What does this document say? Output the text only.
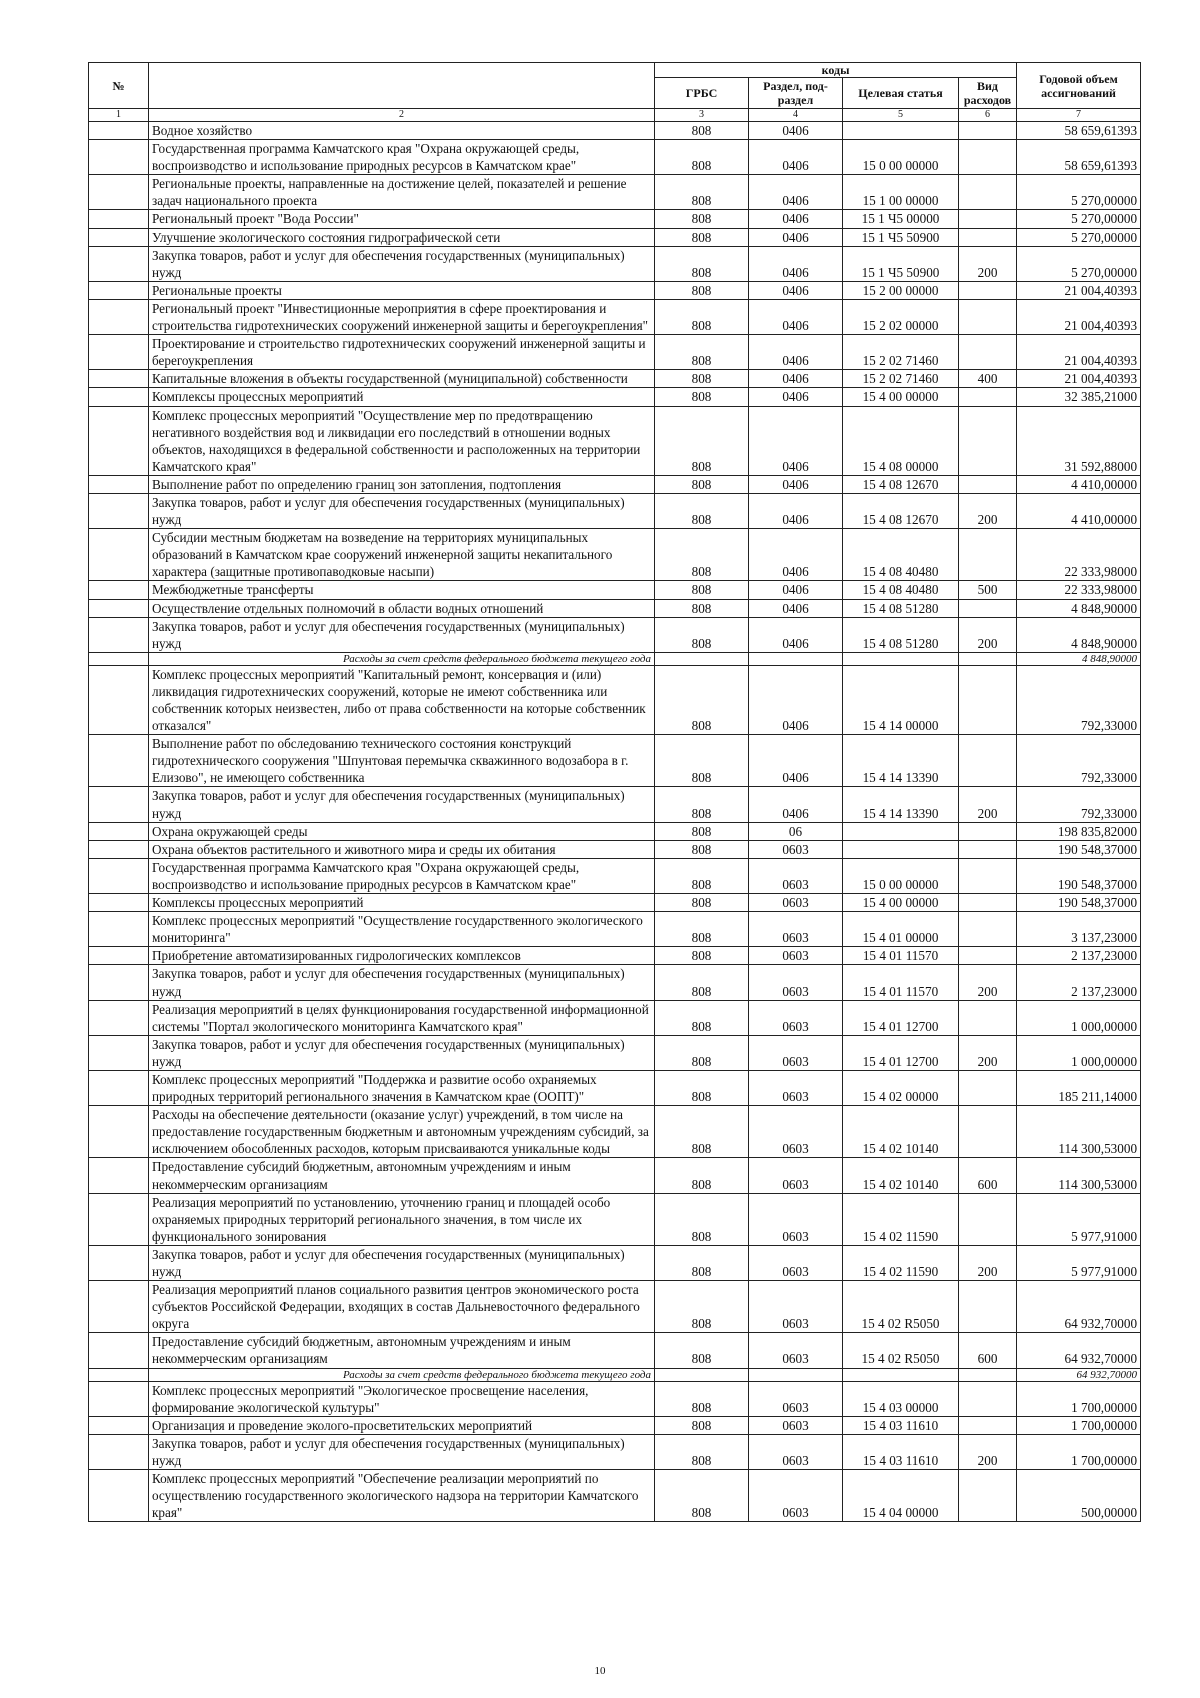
№		коды				Годовой объем ассигнований
		ГРБС	Раздел, под-раздел	Целевая статья	Вид расходов	
1	2	3	4	5	6	7
	Водное хозяйство	808	0406			58 659,61393
	Государственная программа Камчатского края "Охрана окружающей среды, воспроизводство и использование природных ресурсов в Камчатском крае"	808	0406	15 0 00 00000		58 659,61393
	Региональные проекты, направленные на достижение целей, показателей и решение задач национального проекта	808	0406	15 1 00 00000		5 270,00000
	Региональный проект "Вода России"	808	0406	15 1 Ч5 00000		5 270,00000
	Улучшение экологического состояния гидрографической сети	808	0406	15 1 Ч5 50900		5 270,00000
	Закупка товаров, работ и услуг для обеспечения государственных (муниципальных) нужд	808	0406	15 1 Ч5 50900	200	5 270,00000
	Региональные проекты	808	0406	15 2 00 00000		21 004,40393
	Региональный проект "Инвестиционные мероприятия в сфере проектирования и строительства гидротехнических сооружений инженерной защиты и берегоукрепления"	808	0406	15 2 02 00000		21 004,40393
	Проектирование и строительство гидротехнических сооружений инженерной защиты и берегоукрепления	808	0406	15 2 02 71460		21 004,40393
	Капитальные вложения в объекты государственной (муниципальной) собственности	808	0406	15 2 02 71460	400	21 004,40393
	Комплексы процессных мероприятий	808	0406	15 4 00 00000		32 385,21000
	Комплекс процессных мероприятий "Осуществление мер по предотвращению негативного воздействия вод и ликвидации его последствий в отношении водных объектов, находящихся в федеральной собственности и расположенных на территории Камчатского края"	808	0406	15 4 08 00000		31 592,88000
	Выполнение работ по определению границ зон затопления, подтопления	808	0406	15 4 08 12670		4 410,00000
	Закупка товаров, работ и услуг для обеспечения государственных (муниципальных) нужд	808	0406	15 4 08 12670	200	4 410,00000
	Субсидии местным бюджетам на возведение на территориях муниципальных образований в Камчатском крае сооружений инженерной защиты некапитального характера (защитные противопаводковые насыпи)	808	0406	15 4 08 40480		22 333,98000
	Межбюджетные трансферты	808	0406	15 4 08 40480	500	22 333,98000
	Осуществление отдельных полномочий в области водных отношений	808	0406	15 4 08 51280		4 848,90000
	Закупка товаров, работ и услуг для обеспечения государственных (муниципальных) нужд	808	0406	15 4 08 51280	200	4 848,90000
	Расходы за счет средств федерального бюджета текущего года					4 848,90000
	Комплекс процессных мероприятий "Капитальный ремонт, консервация и (или) ликвидация гидротехнических сооружений, которые не имеют собственника или собственник которых неизвестен, либо от права собственности на которые собственник отказался"	808	0406	15 4 14 00000		792,33000
	Выполнение работ по обследованию технического состояния конструкций гидротехнического сооружения "Шпунтовая перемычка скважинного водозабора в г. Елизово", не имеющего собственника	808	0406	15 4 14 13390		792,33000
	Закупка товаров, работ и услуг для обеспечения государственных (муниципальных) нужд	808	0406	15 4 14 13390	200	792,33000
	Охрана окружающей среды	808	06			198 835,82000
	Охрана объектов растительного и животного мира и среды их обитания	808	0603			190 548,37000
	Государственная программа Камчатского края "Охрана окружающей среды, воспроизводство и использование природных ресурсов в Камчатском крае"	808	0603	15 0 00 00000		190 548,37000
	Комплексы процессных мероприятий	808	0603	15 4 00 00000		190 548,37000
	Комплекс процессных мероприятий "Осуществление государственного экологического мониторинга"	808	0603	15 4 01 00000		3 137,23000
	Приобретение автоматизированных гидрологических комплексов	808	0603	15 4 01 11570		2 137,23000
	Закупка товаров, работ и услуг для обеспечения государственных (муниципальных) нужд	808	0603	15 4 01 11570	200	2 137,23000
	Реализация мероприятий в целях функционирования государственной информационной системы "Портал экологического мониторинга Камчатского края"	808	0603	15 4 01 12700		1 000,00000
	Закупка товаров, работ и услуг для обеспечения государственных (муниципальных) нужд	808	0603	15 4 01 12700	200	1 000,00000
	Комплекс процессных мероприятий "Поддержка и развитие особо охраняемых природных территорий регионального значения в Камчатском крае (ООПТ)"	808	0603	15 4 02 00000		185 211,14000
	Расходы на обеспечение деятельности (оказание услуг) учреждений, в том числе на предоставление государственным бюджетным и автономным учреждениям субсидий, за исключением обособленных расходов, которым присваиваются уникальные коды	808	0603	15 4 02 10140		114 300,53000
	Предоставление субсидий бюджетным, автономным учреждениям и иным некоммерческим организациям	808	0603	15 4 02 10140	600	114 300,53000
	Реализация мероприятий по установлению, уточнению границ и площадей особо охраняемых природных территорий регионального значения, в том числе их функционального зонирования	808	0603	15 4 02 11590		5 977,91000
	Закупка товаров, работ и услуг для обеспечения государственных (муниципальных) нужд	808	0603	15 4 02 11590	200	5 977,91000
	Реализация мероприятий планов социального развития центров экономического роста субъектов Российской Федерации, входящих в состав Дальневосточного федерального округа	808	0603	15 4 02 R5050		64 932,70000
	Предоставление субсидий бюджетным, автономным учреждениям и иным некоммерческим организациям	808	0603	15 4 02 R5050	600	64 932,70000
	Расходы за счет средств федерального бюджета текущего года					64 932,70000
	Комплекс процессных мероприятий "Экологическое просвещение населения, формирование экологической культуры"	808	0603	15 4 03 00000		1 700,00000
	Организация и проведение эколого-просветительских мероприятий	808	0603	15 4 03 11610		1 700,00000
	Закупка товаров, работ и услуг для обеспечения государственных (муниципальных) нужд	808	0603	15 4 03 11610	200	1 700,00000
	Комплекс процессных мероприятий "Обеспечение реализации мероприятий по осуществлению государственного экологического надзора на территории Камчатского края"	808	0603	15 4 04 00000		500,00000
10
